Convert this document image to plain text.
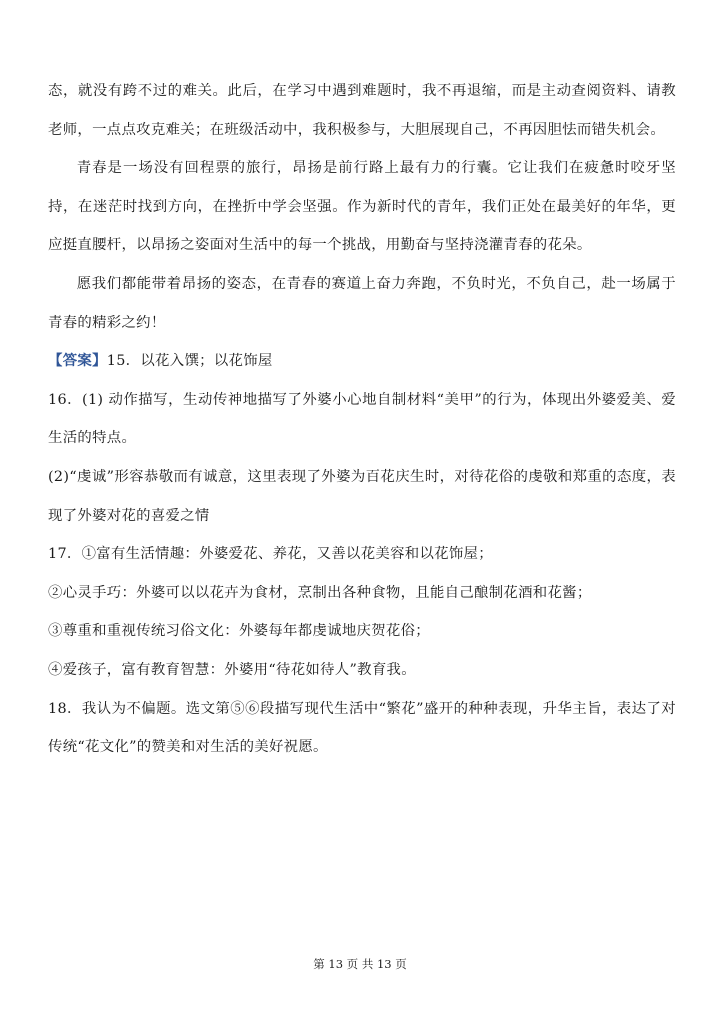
态，就没有跨不过的难关。此后，在学习中遇到难题时，我不再退缩，而是主动查阅资料、请教老师，一点点攻克难关；在班级活动中，我积极参与，大胆展现自己，不再因胆怯而错失机会。

青春是一场没有回程票的旅行，昂扬是前行路上最有力的行囊。它让我们在疲惫时咬牙坚持，在迷茫时找到方向，在挫折中学会坚强。作为新时代的青年，我们正处在最美好的年华，更应挺直腰杆，以昂扬之姿面对生活中的每一个挑战，用勤奋与坚持浇灌青春的花朵。

愿我们都能带着昂扬的姿态，在青春的赛道上奋力奔跑，不负时光，不负自己，赴一场属于青春的精彩之约！

【答案】15．以花入馔；以花饰屋

16．(1) 动作描写，生动传神地描写了外婆小心地自制材料“美甲”的行为，体现出外婆爱美、爱生活的特点。

(2)“虔诚”形容恭敬而有诚意，这里表现了外婆为百花庆生时，对待花俗的虔敬和郑重的态度，表现了外婆对花的喜爱之情

17．①富有生活情趣：外婆爱花、养花，又善以花美容和以花饰屋；

②心灵手巧：外婆可以以花卉为食材，烹制出各种食物，且能自己酿制花酒和花酱；

③尊重和重视传统习俗文化：外婆每年都虔诚地庆贺花俗；

④爱孩子，富有教育智慧：外婆用“待花如待人”教育我。

18．我认为不偏题。选文第⑤⑥段描写现代生活中“繁花”盛开的种种表现，升华主旨，表达了对传统“花文化”的赞美和对生活的美好祝愿。

第 13 页 共 13 页
